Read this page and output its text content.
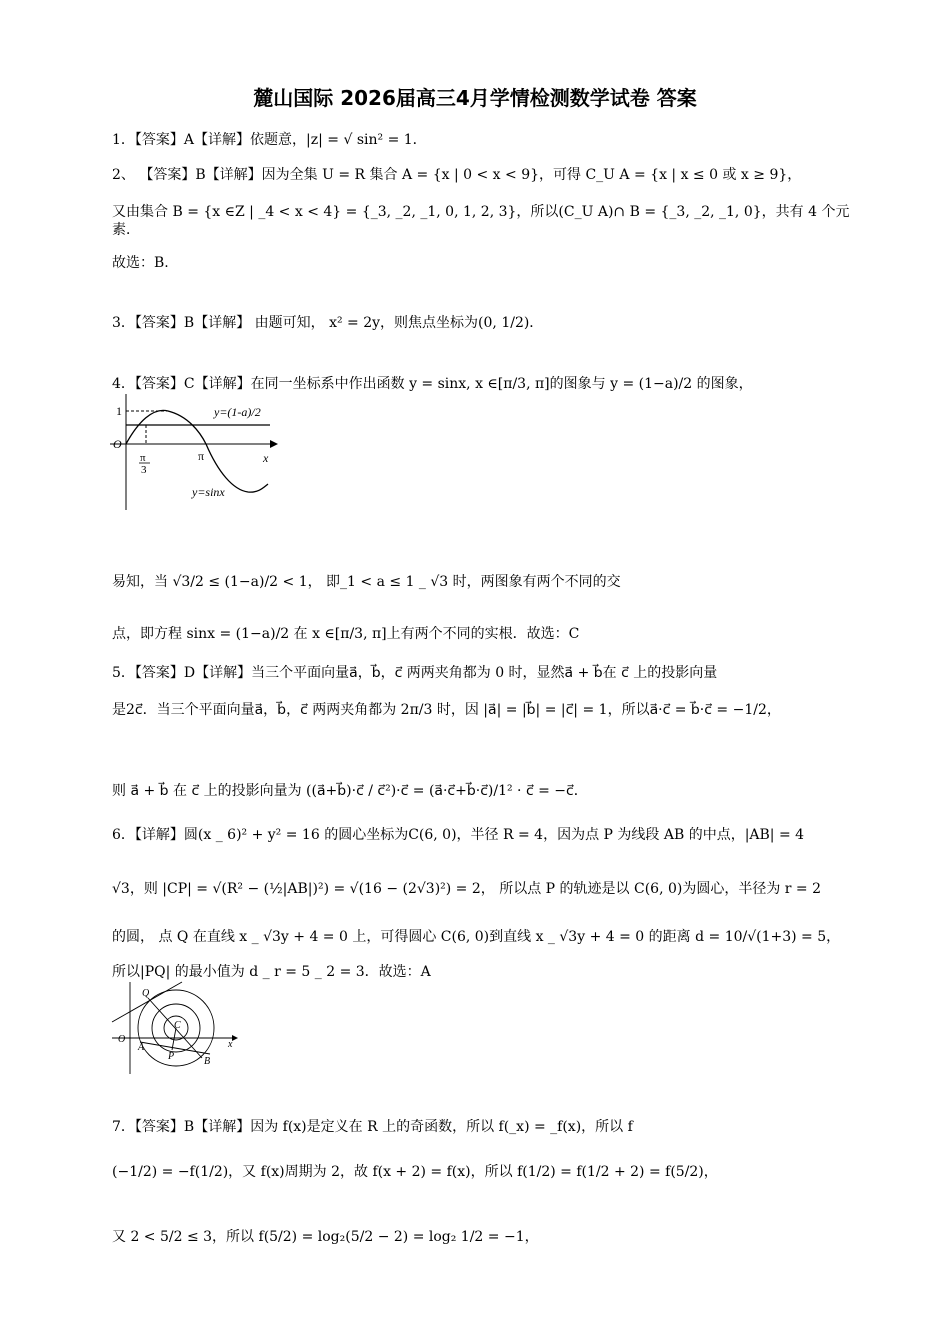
麓山国际 2026届高三4月学情检测数学试卷 答案
1．【答案】A【详解】依题意，|z| = √ sin² = 1．
2、 【答案】B【详解】因为全集 U = R 集合 A = {x | 0 < x < 9}，可得 C_U A = {x | x ≤ 0 或 x ≥ 9}，
又由集合 B = {x ∈Z | _4 < x < 4} = {_3, _2, _1, 0, 1, 2, 3}，所以(C_U A)∩ B = {_3, _2, _1, 0}，共有 4 个元素．
故选：B.
3．【答案】B【详解】 由题可知， x² = 2y，则焦点坐标为(0, 1/2)．
4．【答案】C【详解】在同一坐标系中作出函数 y = sinx, x ∈[π/3, π]的图象与 y = (1−a)/2 的图象，
1
O
π
3
π	x
y=(1-a)/2
y=sinx
易知，当 √3/2 ≤ (1−a)/2 < 1， 即_1 < a ≤ 1 _ √3 时，两图象有两个不同的交
点，即方程 sinx = (1−a)/2 在 x ∈[π/3, π]上有两个不同的实根．故选：C
5．【答案】D【详解】当三个平面向量a⃗，b⃗，c⃗ 两两夹角都为 0 时，显然a⃗ + b⃗在 c⃗ 上的投影向量
是2c⃗．当三个平面向量a⃗，b⃗，c⃗ 两两夹角都为 2π/3 时，因 |a⃗| = |b⃗| = |c⃗| = 1，所以a⃗·c⃗ = b⃗·c⃗ = −1/2，
则 a⃗ + b⃗ 在 c⃗ 上的投影向量为 ((a⃗+b⃗)·c⃗ / c⃗²)·c⃗ = (a⃗·c⃗+b⃗·c⃗)/1² · c⃗ = −c⃗．
6．【详解】圆(x _ 6)² + y² = 16 的圆心坐标为C(6, 0)，半径 R = 4，因为点 P 为线段 AB 的中点，|AB| = 4
√3，则 |CP| = √(R² − (½|AB|)²) = √(16 − (2√3)²) = 2， 所以点 P 的轨迹是以 C(6, 0)为圆心，半径为 r = 2
的圆， 点 Q 在直线 x _ √3y + 4 = 0 上，可得圆心 C(6, 0)到直线 x _ √3y + 4 = 0 的距离 d = 10/√(1+3) = 5，
所以|PQ| 的最小值为 d _ r = 5 _ 2 = 3．故选：A
Q
C
O
A
P	B
x
7．【答案】B【详解】因为 f(x)是定义在 R 上的奇函数，所以 f(_x) = _f(x)，所以 f
(−1/2) = −f(1/2)，又 f(x)周期为 2，故 f(x + 2) = f(x)，所以 f(1/2) = f(1/2 + 2) = f(5/2)，
又 2 < 5/2 ≤ 3，所以 f(5/2) = log₂(5/2 − 2) = log₂ 1/2 = −1，
